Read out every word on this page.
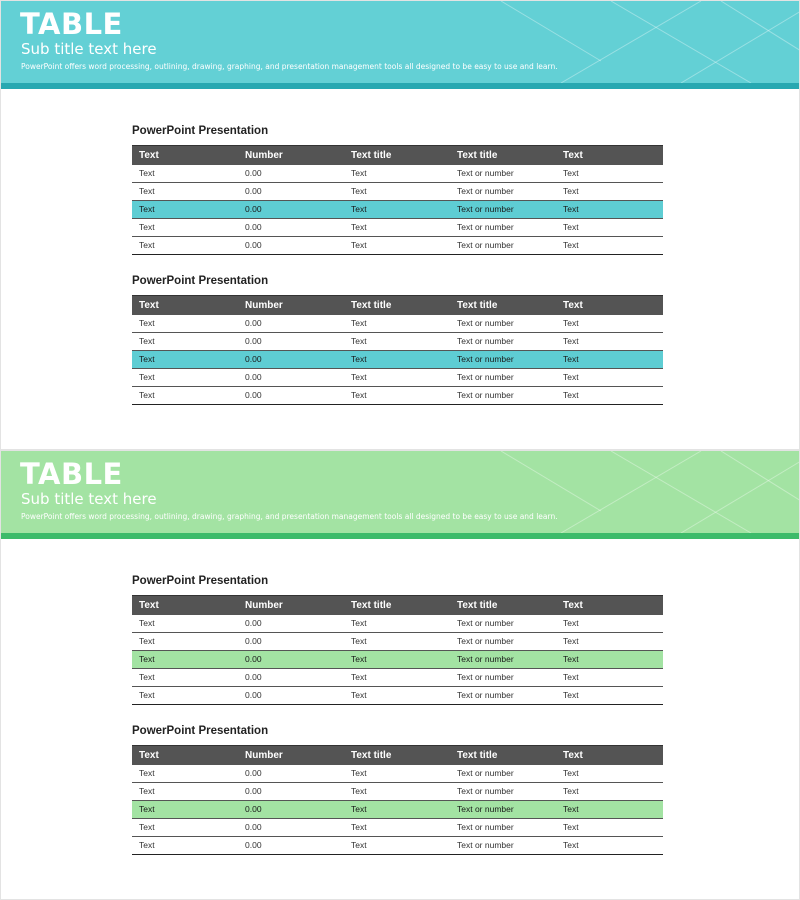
TABLE

Sub title text here

PowerPoint offers word processing, outlining, drawing, graphing, and presentation management tools all designed to be easy to use and learn.

PowerPoint Presentation
Text	Number	Text title	Text title	Text
Text	0.00	Text	Text or number	Text
Text	0.00	Text	Text or number	Text
Text	0.00	Text	Text or number	Text
Text	0.00	Text	Text or number	Text
Text	0.00	Text	Text or number	Text
PowerPoint Presentation
Text	Number	Text title	Text title	Text
Text	0.00	Text	Text or number	Text
Text	0.00	Text	Text or number	Text
Text	0.00	Text	Text or number	Text
Text	0.00	Text	Text or number	Text
Text	0.00	Text	Text or number	Text
TABLE

Sub title text here

PowerPoint offers word processing, outlining, drawing, graphing, and presentation management tools all designed to be easy to use and learn.

PowerPoint Presentation
Text	Number	Text title	Text title	Text
Text	0.00	Text	Text or number	Text
Text	0.00	Text	Text or number	Text
Text	0.00	Text	Text or number	Text
Text	0.00	Text	Text or number	Text
Text	0.00	Text	Text or number	Text
PowerPoint Presentation
Text	Number	Text title	Text title	Text
Text	0.00	Text	Text or number	Text
Text	0.00	Text	Text or number	Text
Text	0.00	Text	Text or number	Text
Text	0.00	Text	Text or number	Text
Text	0.00	Text	Text or number	Text
